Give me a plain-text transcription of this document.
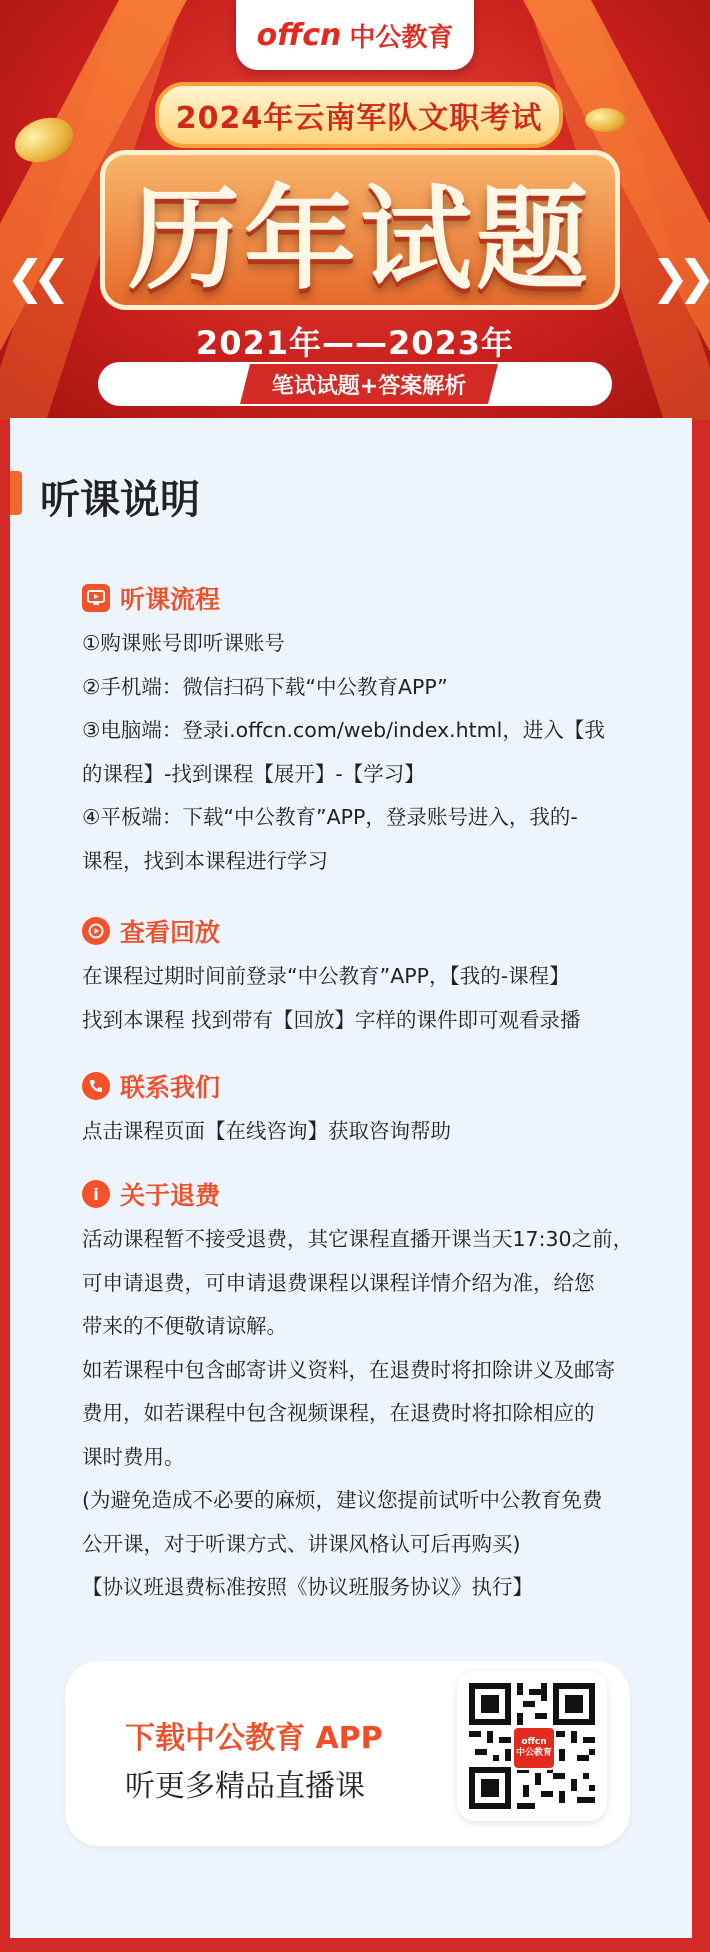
❮❮	❯❯
offcn 中公教育
2024年云南军队文职考试
历年试题
2021年——2023年
笔试试题+答案解析
听课说明
听课流程
①购课账号即听课账号
②手机端：微信扫码下载“中公教育APP”
③电脑端：登录i.offcn.com/web/index.html，进入【我
的课程】-找到课程【展开】-【学习】
④平板端：下载“中公教育”APP，登录账号进入，我的-
课程，找到本课程进行学习
查看回放
在课程过期时间前登录“中公教育”APP，【我的-课程】
找到本课程 找到带有【回放】字样的课件即可观看录播
联系我们
点击课程页面【在线咨询】获取咨询帮助
i 关于退费
活动课程暂不接受退费，其它课程直播开课当天17:30之前，
可申请退费，可申请退费课程以课程详情介绍为准，给您
带来的不便敬请谅解。
如若课程中包含邮寄讲义资料，在退费时将扣除讲义及邮寄
费用，如若课程中包含视频课程，在退费时将扣除相应的
课时费用。
(为避免造成不必要的麻烦，建议您提前试听中公教育免费
公开课，对于听课方式、讲课风格认可后再购买)
【协议班退费标准按照《协议班服务协议》执行】
下载中公教育 APP
听更多精品直播课
offcn
中公教育
